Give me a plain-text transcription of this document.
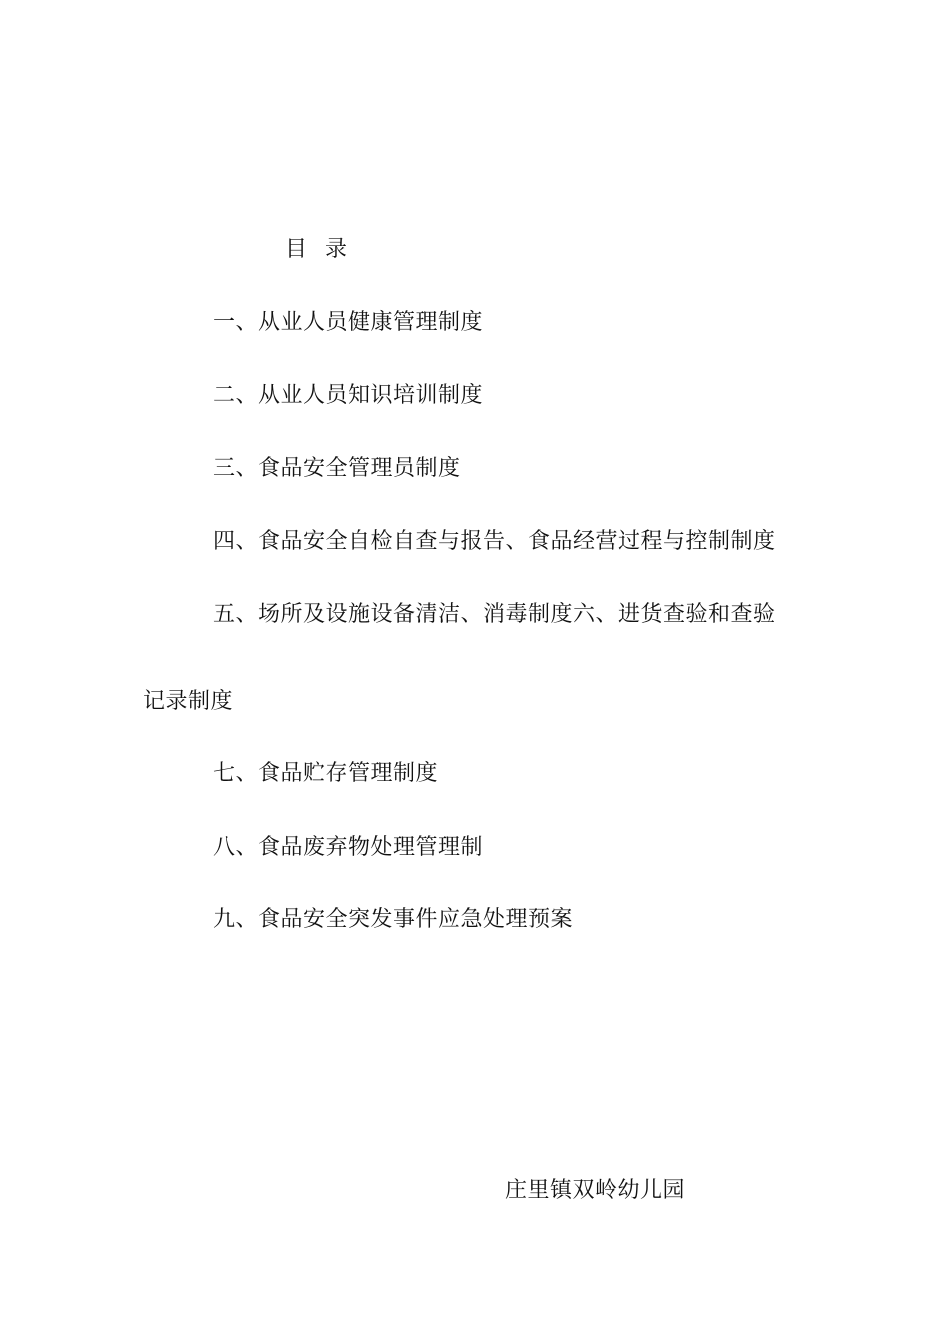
目 录
一、从业人员健康管理制度
二、从业人员知识培训制度
三、食品安全管理员制度
四、食品安全自检自查与报告、食品经营过程与控制制度
五、场所及设施设备清洁、消毒制度六、进货查验和查验
记录制度
七、食品贮存管理制度
八、食品废弃物处理管理制
九、食品安全突发事件应急处理预案
庄里镇双岭幼儿园
